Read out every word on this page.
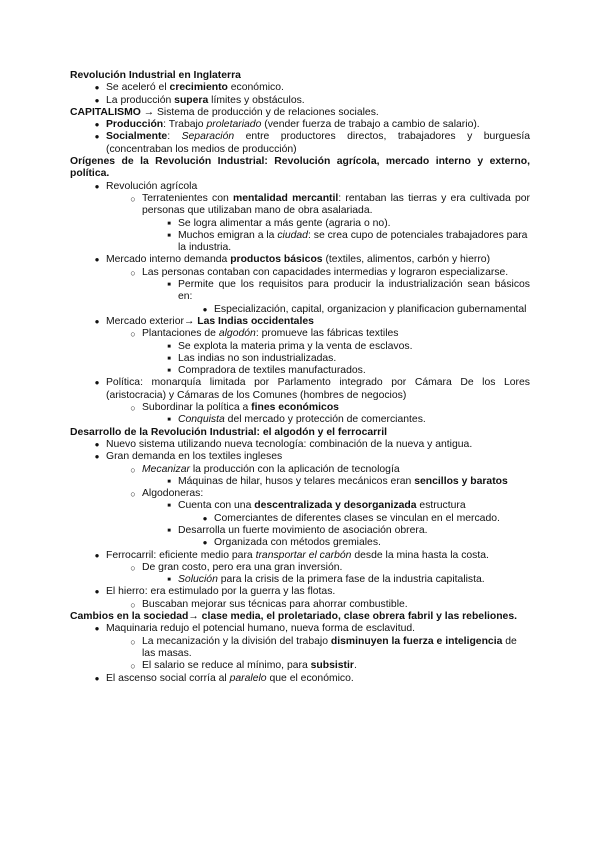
Revolución Industrial en Inglaterra

● Se aceleró el crecimiento económico.
● La producción supera límites y obstáculos.

CAPITALISMO → Sistema de producción y de relaciones sociales.

● Producción: Trabajo proletariado (vender fuerza de trabajo a cambio de salario).
● Socialmente: Separación entre productores directos, trabajadores y burguesía (concentraban los medios de producción)

Orígenes de la Revolución Industrial: Revolución agrícola, mercado interno y externo, política.

● Revolución agrícola
○ Terratenientes con mentalidad mercantil: rentaban las tierras y era cultivada por personas que utilizaban mano de obra asalariada.
■ Se logra alimentar a más gente (agraria o no).
■ Muchos emigran a la ciudad: se crea cupo de potenciales trabajadores para la industria.
● Mercado interno demanda productos básicos (textiles, alimentos, carbón y hierro)
○ Las personas contaban con capacidades intermedias y lograron especializarse.
■ Permite que los requisitos para producir la industrialización sean básicos en:
● Especialización, capital, organizacion y planificacion gubernamental
● Mercado exterior→ Las Indias occidentales
○ Plantaciones de algodón: promueve las fábricas textiles
■ Se explota la materia prima y la venta de esclavos.
■ Las indias no son industrializadas.
■ Compradora de textiles manufacturados.
● Política: monarquía limitada por Parlamento integrado por Cámara De los Lores (aristocracia) y Cámaras de los Comunes (hombres de negocios)
○ Subordinar la política a fines económicos
■ Conquista del mercado y protección de comerciantes.

Desarrollo de la Revolución Industrial: el algodón y el ferrocarril

● Nuevo sistema utilizando nueva tecnología: combinación de la nueva y antigua.
● Gran demanda en los textiles ingleses
○ Mecanizar la producción con la aplicación de tecnología
■ Máquinas de hilar, husos y telares mecánicos eran sencillos y baratos
○ Algodoneras:
■ Cuenta con una descentralizada y desorganizada estructura
● Comerciantes de diferentes clases se vinculan en el mercado.
■ Desarrolla un fuerte movimiento de asociación obrera.
● Organizada con métodos gremiales.
● Ferrocarril: eficiente medio para transportar el carbón desde la mina hasta la costa.
○ De gran costo, pero era una gran inversión.
■ Solución para la crisis de la primera fase de la industria capitalista.
● El hierro: era estimulado por la guerra y las flotas.
○ Buscaban mejorar sus técnicas para ahorrar combustible.

Cambios en la sociedad→ clase media, el proletariado, clase obrera fabril y las rebeliones.

● Maquinaria redujo el potencial humano, nueva forma de esclavitud.
○ La mecanización y la división del trabajo disminuyen la fuerza e inteligencia de las masas.
○ El salario se reduce al mínimo, para subsistir.
● El ascenso social corría al paralelo que el económico.
